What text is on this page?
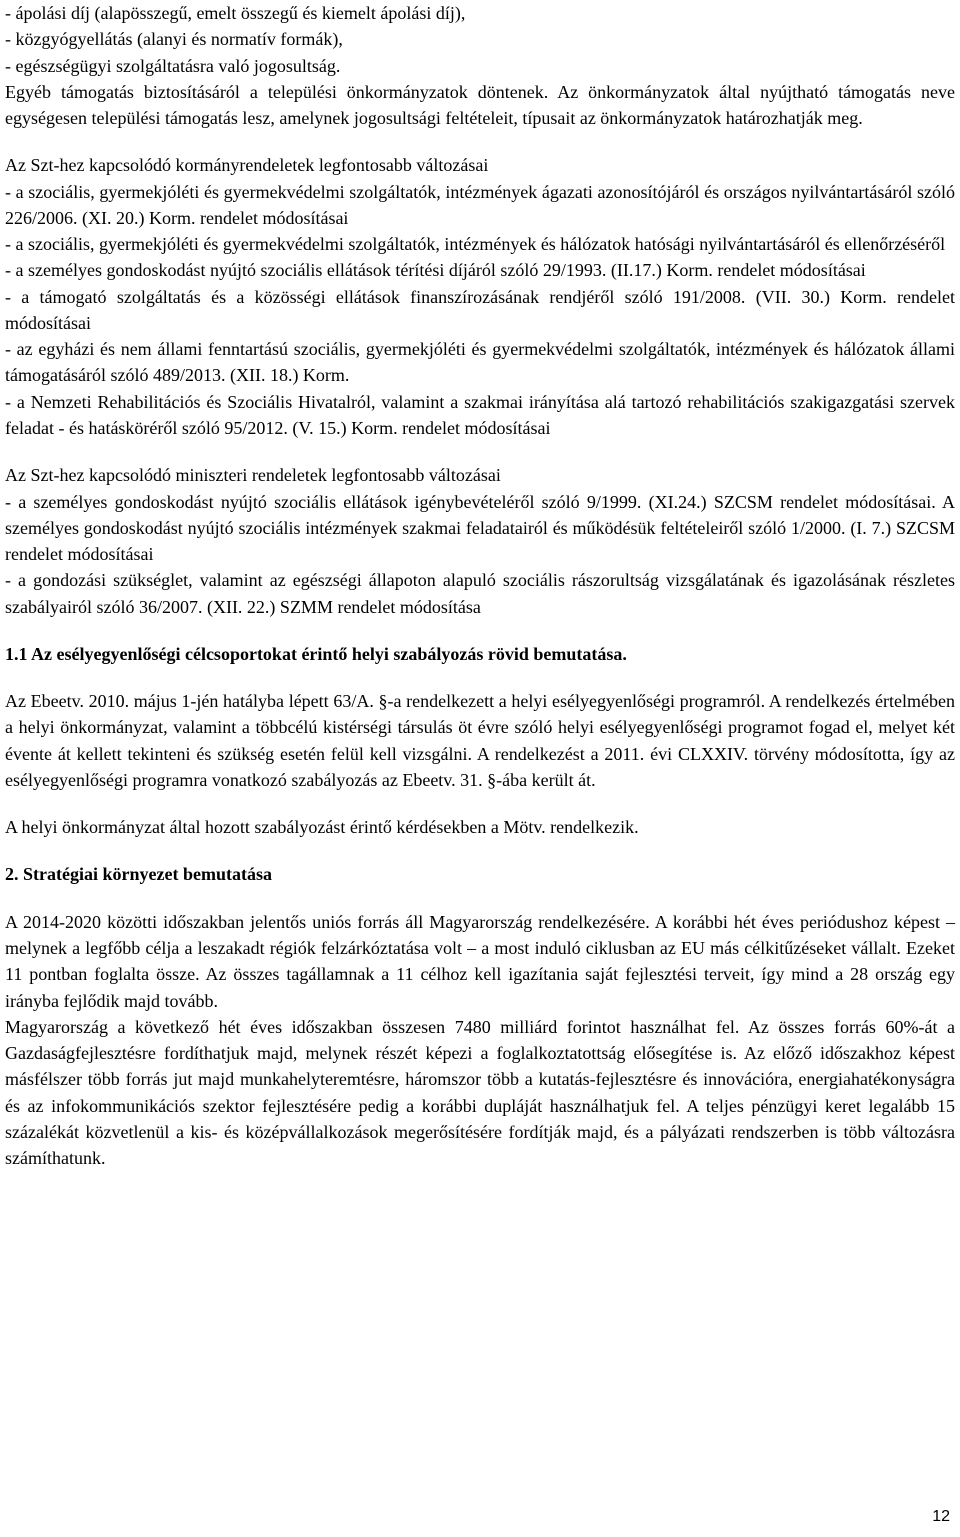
- ápolási díj (alapösszegű, emelt összegű és kiemelt ápolási díj),

- közgyógyellátás (alanyi és normatív formák),

- egészségügyi szolgáltatásra való jogosultság.

Egyéb támogatás biztosításáról a települési önkormányzatok döntenek. Az önkormányzatok által nyújtható támogatás neve egységesen települési támogatás lesz, amelynek jogosultsági feltételeit, típusait az önkormányzatok határozhatják meg.

Az Szt-hez kapcsolódó kormányrendeletek legfontosabb változásai

- a szociális, gyermekjóléti és gyermekvédelmi szolgáltatók, intézmények ágazati azonosítójáról és országos nyilvántartásáról szóló 226/2006. (XI. 20.) Korm. rendelet módosításai

- a szociális, gyermekjóléti és gyermekvédelmi szolgáltatók, intézmények és hálózatok hatósági nyilvántartásáról és ellenőrzéséről

- a személyes gondoskodást nyújtó szociális ellátások térítési díjáról szóló 29/1993. (II.17.) Korm. rendelet módosításai

- a támogató szolgáltatás és a közösségi ellátások finanszírozásának rendjéről szóló 191/2008. (VII. 30.) Korm. rendelet módosításai

- az egyházi és nem állami fenntartású szociális, gyermekjóléti és gyermekvédelmi szolgáltatók, intézmények és hálózatok állami támogatásáról szóló 489/2013. (XII. 18.) Korm.

- a Nemzeti Rehabilitációs és Szociális Hivatalról, valamint a szakmai irányítása alá tartozó rehabilitációs szakigazgatási szervek feladat - és hatásköréről szóló 95/2012. (V. 15.) Korm. rendelet módosításai

Az Szt-hez kapcsolódó miniszteri rendeletek legfontosabb változásai

- a személyes gondoskodást nyújtó szociális ellátások igénybevételéről szóló 9/1999. (XI.24.) SZCSM rendelet módosításai. A személyes gondoskodást nyújtó szociális intézmények szakmai feladatairól és működésük feltételeiről szóló 1/2000. (I. 7.) SZCSM rendelet módosításai

- a gondozási szükséglet, valamint az egészségi állapoton alapuló szociális rászorultság vizsgálatának és igazolásának részletes szabályairól szóló 36/2007. (XII. 22.) SZMM rendelet módosítása

1.1 Az esélyegyenlőségi célcsoportokat érintő helyi szabályozás rövid bemutatása.

Az Ebeetv. 2010. május 1-jén hatályba lépett 63/A. §-a rendelkezett a helyi esélyegyenlőségi programról. A rendelkezés értelmében a helyi önkormányzat, valamint a többcélú kistérségi társulás öt évre szóló helyi esélyegyenlőségi programot fogad el, melyet két évente át kellett tekinteni és szükség esetén felül kell vizsgálni. A rendelkezést a 2011. évi CLXXIV. törvény módosította, így az esélyegyenlőségi programra vonatkozó szabályozás az Ebeetv. 31. §-ába került át.

A helyi önkormányzat által hozott szabályozást érintő kérdésekben a Mötv. rendelkezik.

2. Stratégiai környezet bemutatása

A 2014-2020 közötti időszakban jelentős uniós forrás áll Magyarország rendelkezésére. A korábbi hét éves periódushoz képest – melynek a legfőbb célja a leszakadt régiók felzárkóztatása volt – a most induló ciklusban az EU más célkitűzéseket vállalt. Ezeket 11 pontban foglalta össze. Az összes tagállamnak a 11 célhoz kell igazítania saját fejlesztési terveit, így mind a 28 ország egy irányba fejlődik majd tovább.

Magyarország a következő hét éves időszakban összesen 7480 milliárd forintot használhat fel. Az összes forrás 60%-át a Gazdaságfejlesztésre fordíthatjuk majd, melynek részét képezi a foglalkoztatottság elősegítése is. Az előző időszakhoz képest másfélszer több forrás jut majd munkahelyteremtésre, háromszor több a kutatás-fejlesztésre és innovációra, energiahatékonyságra és az infokommunikációs szektor fejlesztésére pedig a korábbi dupláját használhatjuk fel. A teljes pénzügyi keret legalább 15 százalékát közvetlenül a kis- és középvállalkozások megerősítésére fordítják majd, és a pályázati rendszerben is több változásra számíthatunk.

12
